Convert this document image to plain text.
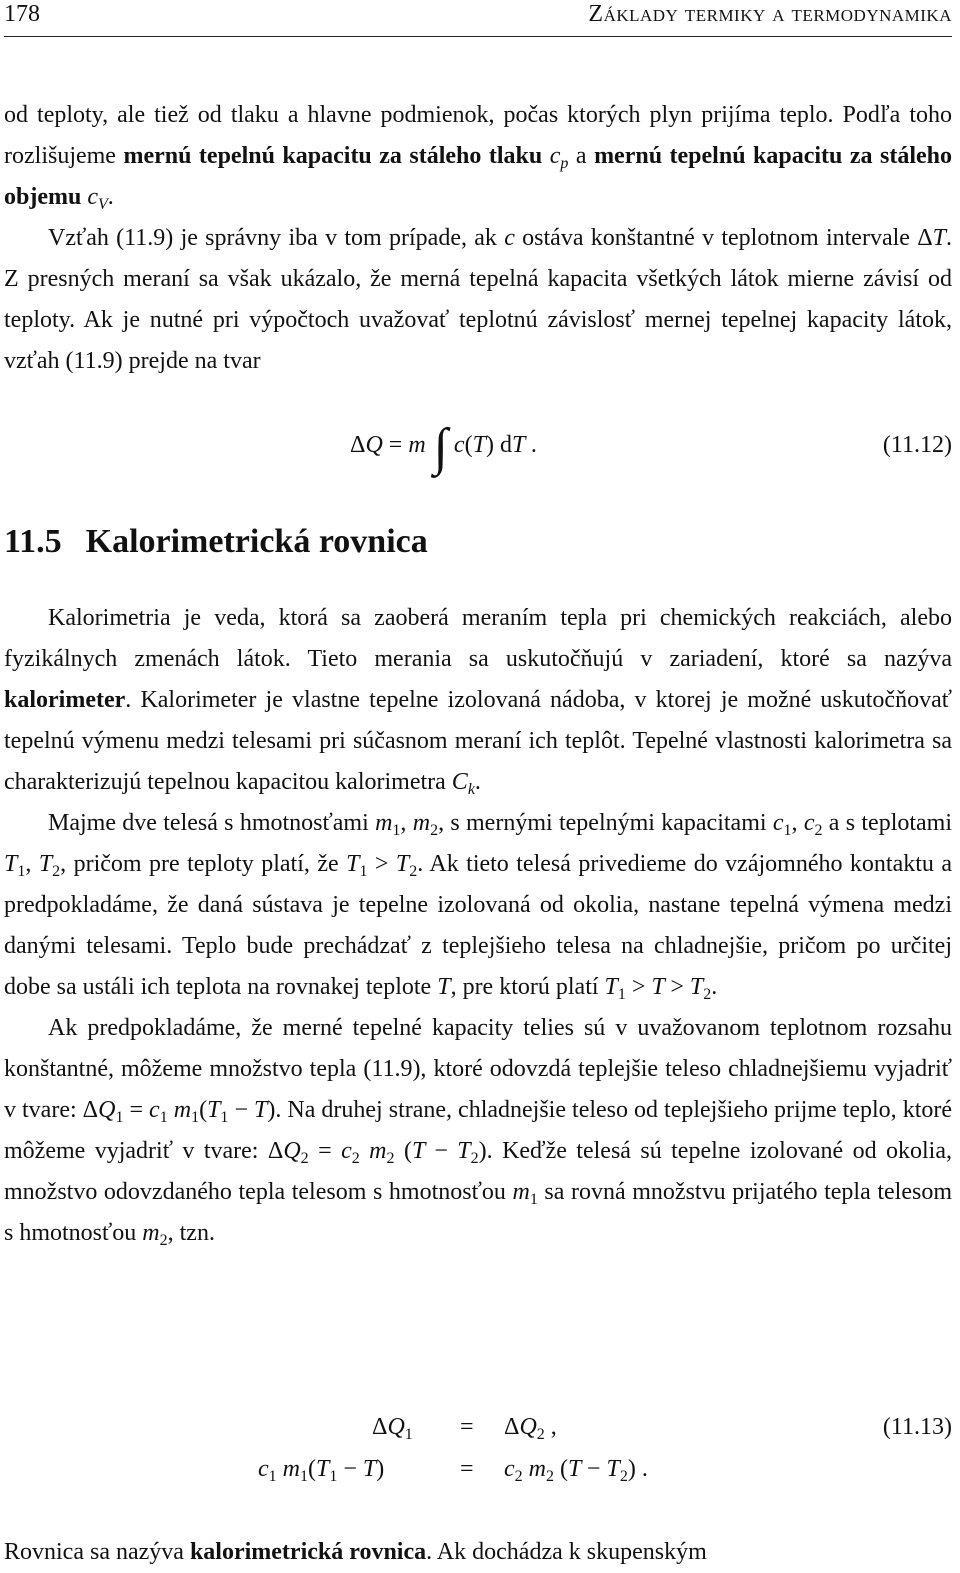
178	Základy termiky a termodynamika

od teploty, ale tiež od tlaku a hlavne podmienok, počas ktorých plyn prijíma teplo. Podľa toho rozlišujeme mernú tepelnú kapacitu za stáleho tlaku $c_p$ a mernú tepelnú kapacitu za stáleho objemu $c_V$.

Vzťah (11.9) je správny iba v tom prípade, ak c ostáva konštantné v teplotnom intervale ΔT. Z presných meraní sa však ukázalo, že merná tepelná kapacita všetkých látok mierne závisí od teploty. Ak je nutné pri výpočtoch uvažovať teplotnú závislosť mernej tepelnej kapacity látok, vzťah (11.9) prejde na tvar

ΔQ = m ∫ c(T) dT .	(11.12)
11.5 Kalorimetrická rovnica

Kalorimetria je veda, ktorá sa zaoberá meraním tepla pri chemických reakciách, alebo fyzikálnych zmenách látok. Tieto merania sa uskutočňujú v zariadení, ktoré sa nazýva kalorimeter. Kalorimeter je vlastne tepelne izolovaná nádoba, v ktorej je možné uskutočňovať tepelnú výmenu medzi telesami pri súčasnom meraní ich teplôt. Tepelné vlastnosti kalorimetra sa charakterizujú tepelnou kapacitou kalorimetra $C_k$.

Majme dve telesá s hmotnosťami $m_1$, $m_2$, s mernými tepelnými kapacitami $c_1$, $c_2$ a s teplotami $T_1$, $T_2$, pričom pre teploty platí, že $T_1 > T_2$. Ak tieto telesá privedieme do vzájomného kontaktu a predpokladáme, že daná sústava je tepelne izolovaná od okolia, nastane tepelná výmena medzi danými telesami. Teplo bude prechádzať z teplejšieho telesa na chladnejšie, pričom po určitej dobe sa ustáli ich teplota na rovnakej teplote T, pre ktorú platí $T_1 > T > T_2$.

Ak predpokladáme, že merné tepelné kapacity telies sú v uvažovanom teplotnom rozsahu konštantné, môžeme množstvo tepla (11.9), ktoré odovzdá teplejšie teleso chladnejšiemu vyjadriť v tvare: $\Delta Q_1 = c_1$ $m_1(T_1 - T)$. Na druhej strane, chladnejšie teleso od teplejšieho prijme teplo, ktoré môžeme vyjadriť v tvare: $\Delta Q_2 = c_2$ $m_2$ $(T - T_2)$. Keďže telesá sú tepelne izolované od okolia, množstvo odovzdaného tepla telesom s hmotnosťou $m_1$ sa rovná množstvu prijatého tepla telesom s hmotnosťou $m_2$, tzn.

$\Delta Q_1 = \Delta Q_2$ ,	(11.13)
$c_1$ $m_1(T_1 - T)$	= $c_2$ $m_2$ $(T - T_2)$ .

Rovnica sa nazýva kalorimetrická rovnica. Ak dochádza k skupenským
